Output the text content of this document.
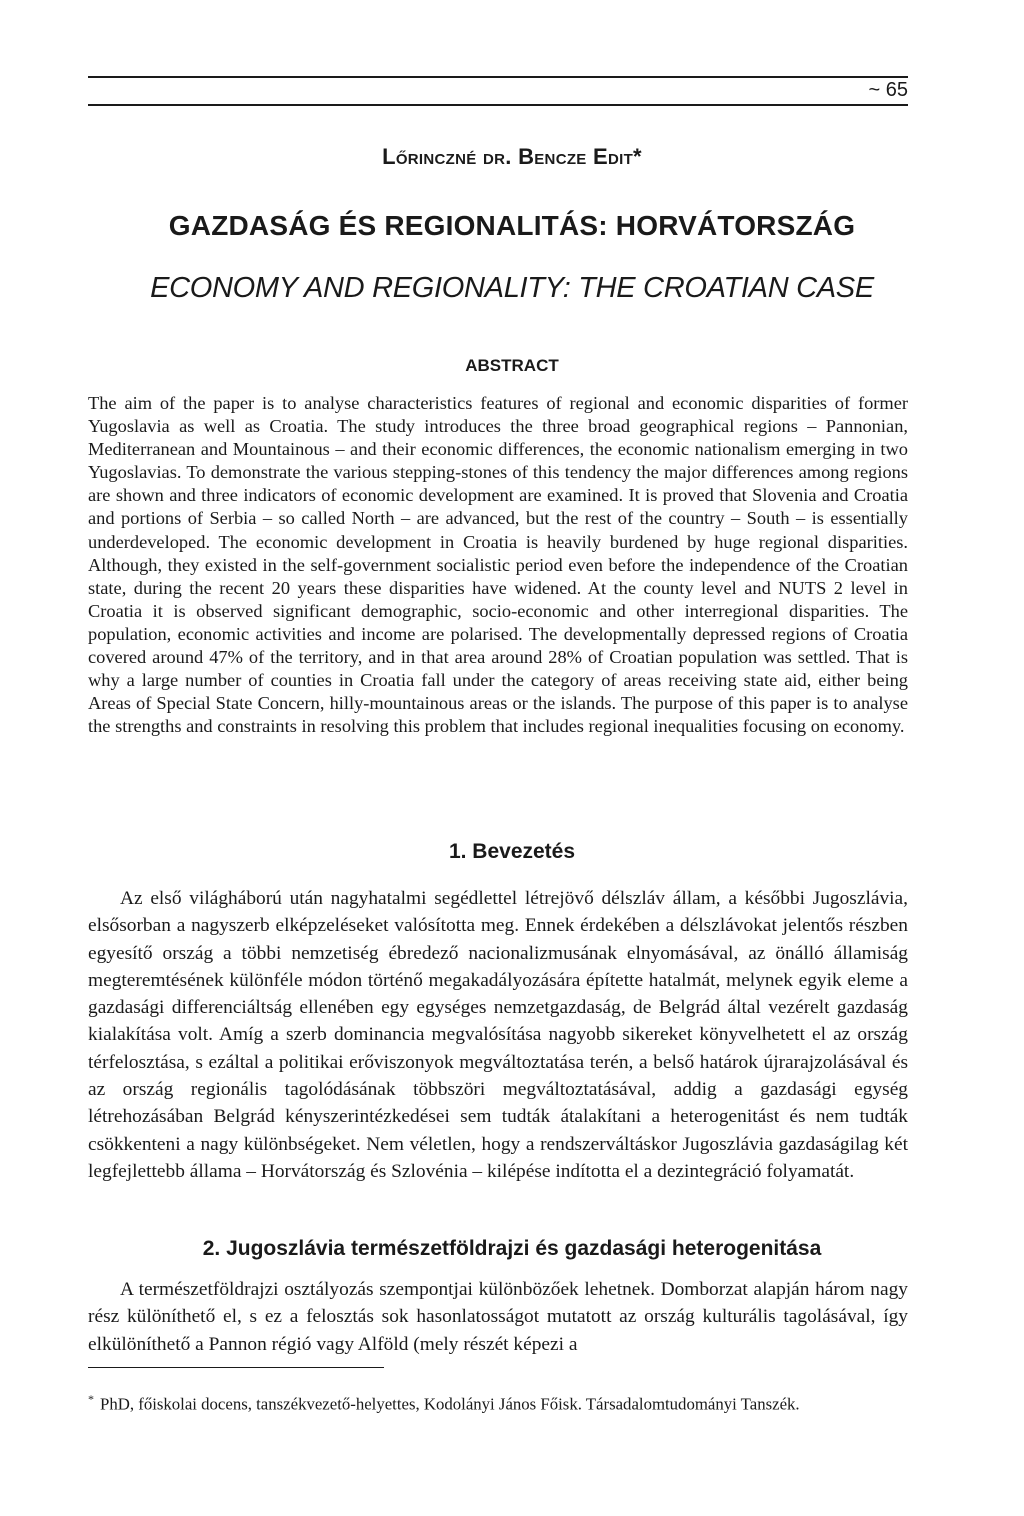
~ 65
Lőrinczné dr. Bencze Edit*
GAZDASÁG ÉS REGIONALITÁS: HORVÁTORSZÁG
ECONOMY AND REGIONALITY: THE CROATIAN CASE
ABSTRACT
The aim of the paper is to analyse characteristics features of regional and economic disparities of former Yugoslavia as well as Croatia. The study introduces the three broad geographical regions – Pannonian, Mediterranean and Mountainous – and their economic differences, the economic nationalism emerging in two Yugoslavias. To demonstrate the various stepping-stones of this tendency the major differences among regions are shown and three indicators of economic development are examined. It is proved that Slovenia and Croatia and portions of Serbia – so called North – are advanced, but the rest of the country – South – is essentially underdeveloped. The economic development in Croatia is heavily burdened by huge regional disparities. Although, they existed in the self-government socialistic period even before the independence of the Croatian state, during the recent 20 years these disparities have widened. At the county level and NUTS 2 level in Croatia it is observed significant demographic, socio-economic and other interregional disparities. The population, economic activities and income are polarised. The developmentally depressed regions of Croatia covered around 47% of the territory, and in that area around 28% of Croatian population was settled. That is why a large number of counties in Croatia fall under the category of areas receiving state aid, either being Areas of Special State Concern, hilly-mountainous areas or the islands. The purpose of this paper is to analyse the strengths and constraints in resolving this problem that includes regional inequalities focusing on economy.
1. Bevezetés
Az első világháború után nagyhatalmi segédlettel létrejövő délszláv állam, a későbbi Jugoszlávia, elsősorban a nagyszerb elképzeléseket valósította meg. Ennek érdekében a délszlávokat jelentős részben egyesítő ország a többi nemzetiség ébredező nacionalizmusának elnyomásával, az önálló államiság megteremtésének különféle módon történő megakadályozására építette hatalmát, melynek egyik eleme a gazdasági differenciáltság ellenében egy egységes nemzetgazdaság, de Belgrád által vezérelt gazdaság kialakítása volt. Amíg a szerb dominancia megvalósítása nagyobb sikereket könyvelhetett el az ország térfelosztása, s ezáltal a politikai erőviszonyok megváltoztatása terén, a belső határok újrarajzolásával és az ország regionális tagolódásának többszöri megváltoztatásával, addig a gazdasági egység létrehozásában Belgrád kényszerintézkedései sem tudták átalakítani a heterogenitást és nem tudták csökkenteni a nagy különbségeket. Nem véletlen, hogy a rendszerváltáskor Jugoszlávia gazdaságilag két legfejlettebb állama – Horvátország és Szlovénia – kilépése indította el a dezintegráció folyamatát.
2. Jugoszlávia természetföldrajzi és gazdasági heterogenitása
A természetföldrajzi osztályozás szempontjai különbözőek lehetnek. Domborzat alapján három nagy rész különíthető el, s ez a felosztás sok hasonlatosságot mutatott az ország kulturális tagolásával, így elkülöníthető a Pannon régió vagy Alföld (mely részét képezi a
* PhD, főiskolai docens, tanszékvezető-helyettes, Kodolányi János Főisk. Társadalomtudományi Tanszék.
